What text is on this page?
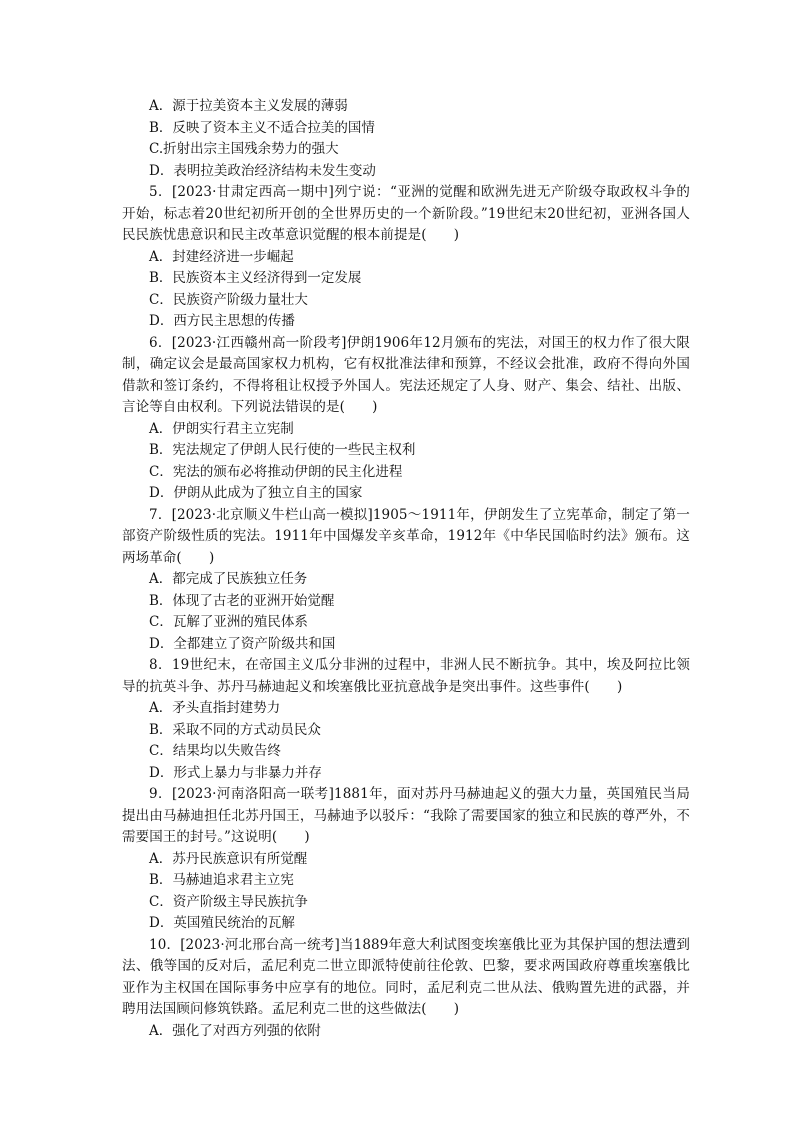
A．源于拉美资本主义发展的薄弱
B．反映了资本主义不适合拉美的国情
C.折射出宗主国残余势力的强大
D．表明拉美政治经济结构未发生变动
5．[2023·甘肃定西高一期中]列宁说：“亚洲的觉醒和欧洲先进无产阶级夺取政权斗争的开始，标志着20世纪初所开创的全世界历史的一个新阶段。”19世纪末20世纪初，亚洲各国人民民族忧患意识和民主改革意识觉醒的根本前提是(　　)
A．封建经济进一步崛起
B．民族资本主义经济得到一定发展
C．民族资产阶级力量壮大
D．西方民主思想的传播
6．[2023·江西赣州高一阶段考]伊朗1906年12月颁布的宪法，对国王的权力作了很大限制，确定议会是最高国家权力机构，它有权批准法律和预算，不经议会批准，政府不得向外国借款和签订条约，不得将租让权授予外国人。宪法还规定了人身、财产、集会、结社、出版、言论等自由权利。下列说法错误的是(　　)
A．伊朗实行君主立宪制
B．宪法规定了伊朗人民行使的一些民主权利
C．宪法的颁布必将推动伊朗的民主化进程
D．伊朗从此成为了独立自主的国家
7．[2023·北京顺义牛栏山高一模拟]1905～1911年，伊朗发生了立宪革命，制定了第一部资产阶级性质的宪法。1911年中国爆发辛亥革命，1912年《中华民国临时约法》颁布。这两场革命(　　)
A．都完成了民族独立任务
B．体现了古老的亚洲开始觉醒
C．瓦解了亚洲的殖民体系
D．全都建立了资产阶级共和国
8．19世纪末，在帝国主义瓜分非洲的过程中，非洲人民不断抗争。其中，埃及阿拉比领导的抗英斗争、苏丹马赫迪起义和埃塞俄比亚抗意战争是突出事件。这些事件(　　)
A．矛头直指封建势力
B．采取不同的方式动员民众
C．结果均以失败告终
D．形式上暴力与非暴力并存
9．[2023·河南洛阳高一联考]1881年，面对苏丹马赫迪起义的强大力量，英国殖民当局提出由马赫迪担任北苏丹国王，马赫迪予以驳斥：“我除了需要国家的独立和民族的尊严外，不需要国王的封号。”这说明(　　)
A．苏丹民族意识有所觉醒
B．马赫迪追求君主立宪
C．资产阶级主导民族抗争
D．英国殖民统治的瓦解
10．[2023·河北邢台高一统考]当1889年意大利试图变埃塞俄比亚为其保护国的想法遭到法、俄等国的反对后，孟尼利克二世立即派特使前往伦敦、巴黎，要求两国政府尊重埃塞俄比亚作为主权国在国际事务中应享有的地位。同时，孟尼利克二世从法、俄购置先进的武器，并聘用法国顾问修筑铁路。孟尼利克二世的这些做法(　　)
A．强化了对西方列强的依附
